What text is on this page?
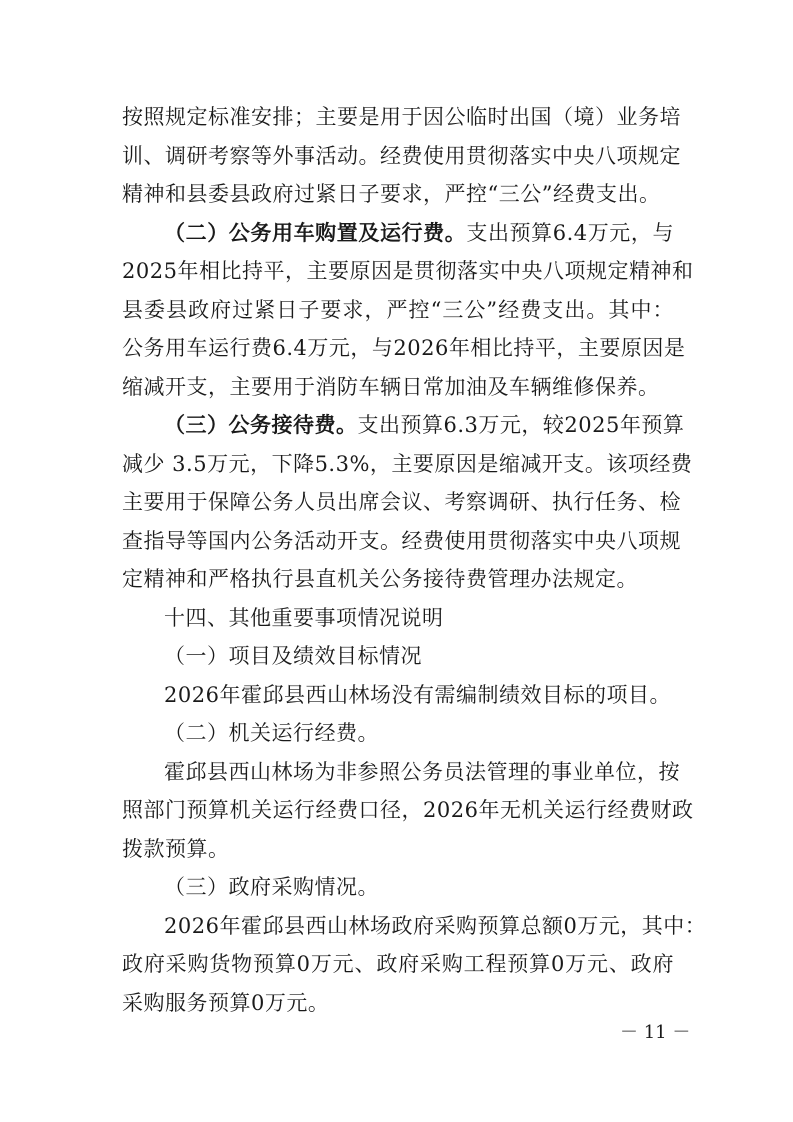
按照规定标准安排；主要是用于因公临时出国（境）业务培
训、调研考察等外事活动。经费使用贯彻落实中央八项规定
精神和县委县政府过紧日子要求，严控“三公”经费支出。
（二）公务用车购置及运行费。支出预算6.4万元，与
2025年相比持平，主要原因是贯彻落实中央八项规定精神和
县委县政府过紧日子要求，严控“三公”经费支出。其中：
公务用车运行费6.4万元，与2026年相比持平，主要原因是
缩减开支，主要用于消防车辆日常加油及车辆维修保养。
（三）公务接待费。支出预算6.3万元，较2025年预算
减少 3.5万元，下降5.3%，主要原因是缩减开支。该项经费
主要用于保障公务人员出席会议、考察调研、执行任务、检
查指导等国内公务活动开支。经费使用贯彻落实中央八项规
定精神和严格执行县直机关公务接待费管理办法规定。
十四、其他重要事项情况说明
（一）项目及绩效目标情况
2026年霍邱县西山林场没有需编制绩效目标的项目。
（二）机关运行经费。
霍邱县西山林场为非参照公务员法管理的事业单位，按
照部门预算机关运行经费口径，2026年无机关运行经费财政
拨款预算。
（三）政府采购情况。
2026年霍邱县西山林场政府采购预算总额0万元，其中：
政府采购货物预算0万元、政府采购工程预算0万元、政府
采购服务预算0万元。
－ 11 －
